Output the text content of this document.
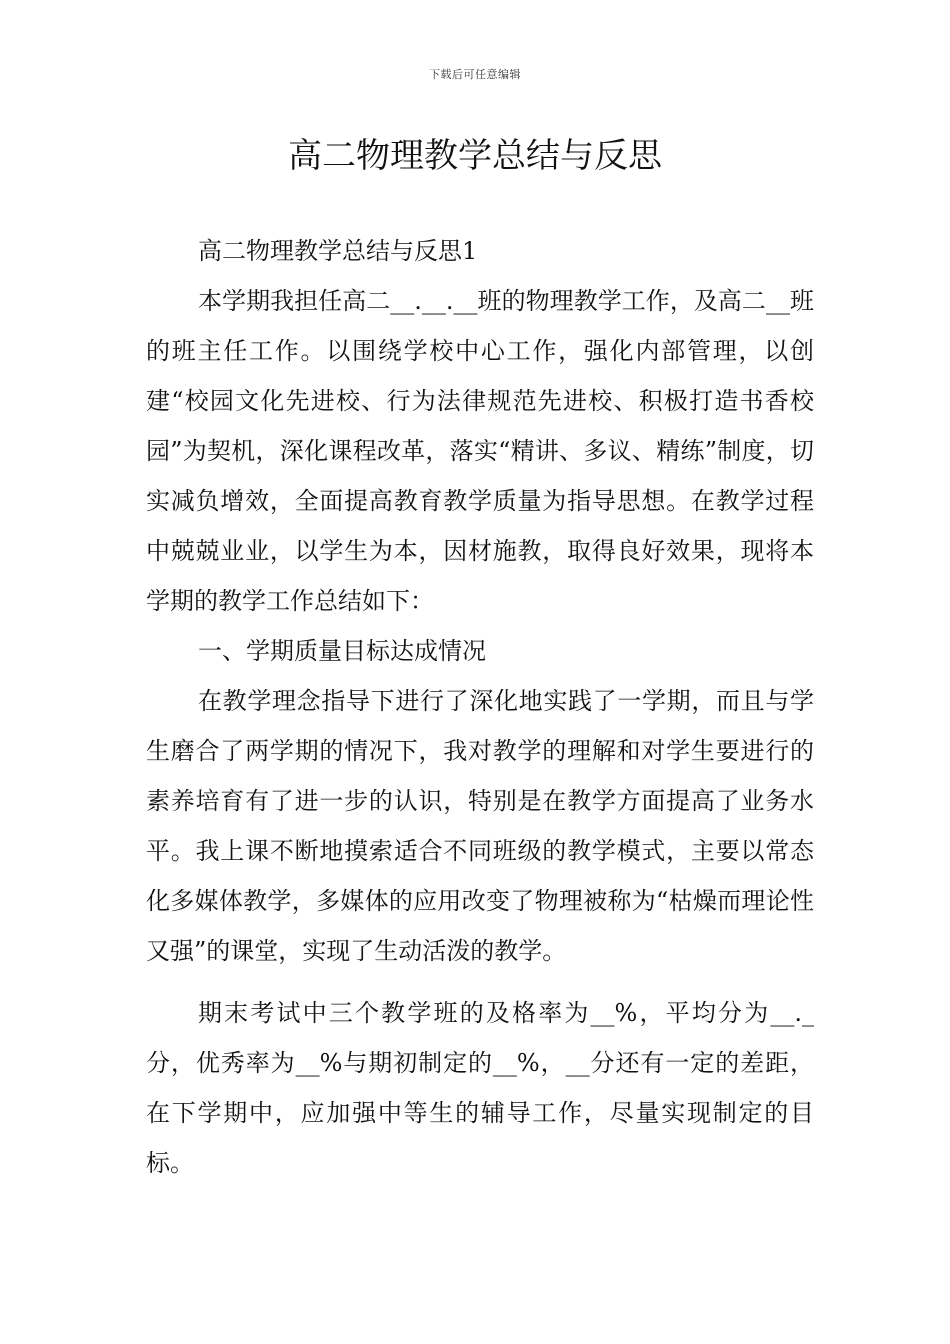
下载后可任意编辑
高二物理教学总结与反思

高二物理教学总结与反思1

本学期我担任高二__.__.__班的物理教学工作，及高二__班的班主任工作。以围绕学校中心工作，强化内部管理，以创建“校园文化先进校、行为法律规范先进校、积极打造书香校园”为契机，深化课程改革，落实“精讲、多议、精练”制度，切实减负增效，全面提高教育教学质量为指导思想。在教学过程中兢兢业业，以学生为本，因材施教，取得良好效果，现将本学期的教学工作总结如下：

一、学期质量目标达成情况

在教学理念指导下进行了深化地实践了一学期，而且与学生磨合了两学期的情况下，我对教学的理解和对学生要进行的素养培育有了进一步的认识，特别是在教学方面提高了业务水平。我上课不断地摸索适合不同班级的教学模式，主要以常态化多媒体教学，多媒体的应用改变了物理被称为“枯燥而理论性又强”的课堂，实现了生动活泼的教学。

期末考试中三个教学班的及格率为__%，平均分为__._分，优秀率为__%与期初制定的__%，__分还有一定的差距，在下学期中，应加强中等生的辅导工作，尽量实现制定的目标。
